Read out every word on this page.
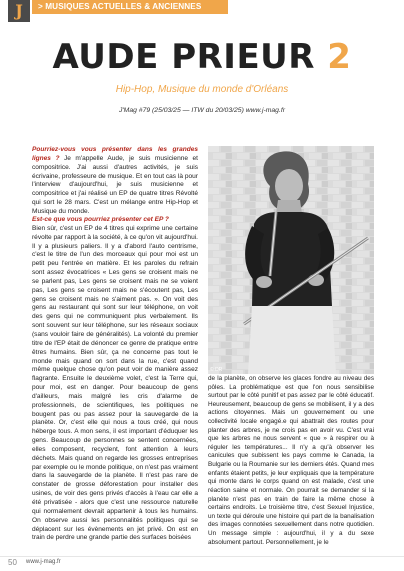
J	> MUSIQUES ACTUELLES & ANCIENNES
AUDE PRIEUR 2
Hip-Hop, Musique du monde d'Orléans
J'Mag #79 (25/03/25 — ITW du 20/03/25) www.j-mag.fr

Pourriez-vous vous présenter dans les grandes lignes ? Je m'appelle Aude, je suis musicienne et compositrice. J'ai aussi d'autres activités, je suis écrivaine, professeure de musique. Et en tout cas là pour l'interview d'aujourd'hui, je suis musicienne et compositrice et j'ai réalisé un EP de quatre titres Révolté qui sort le 28 mars. C'est un mélange entre Hip-Hop et Musique du monde.

Est-ce que vous pourriez présenter cet EP ?

Bien sûr, c'est un EP de 4 titres qui exprime une certaine révolte par rapport à la société, à ce qu'on vit aujourd'hui. Il y a plusieurs paliers. Il y a d'abord l'auto centrisme, c'est le titre de l'un des morceaux qui pour moi est un petit peu l'entrée en matière. Et les paroles du refrain sont assez évocatrices « Les gens se croisent mais ne se parlent pas, Les gens se croisent mais ne se voient pas, Les gens se croisent mais ne s'écoutent pas, Les gens se croisent mais ne s'aiment pas. ». On voit des gens au restaurant qui sont sur leur téléphone, on voit des gens qui ne communiquent plus verbalement. Ils sont souvent sur leur téléphone, sur les réseaux sociaux (sans vouloir faire de généralités). La volonté du premier titre de l'EP était de dénoncer ce genre de pratique entre êtres humains. Bien sûr, ça ne concerne pas tout le monde mais quand on sort dans la rue, c'est quand même quelque chose qu'on peut voir de manière assez flagrante. Ensuite le deuxième volet, c'est la Terre qui, pour moi, est en danger. Pour beaucoup de gens d'ailleurs, mais malgré les cris d'alarme de professionnels, de scientifiques, les politiques ne bougent pas ou pas assez pour la sauvegarde de la planète. Or, c'est elle qui nous a tous créé, qui nous héberge tous. A mon sens, il est important d'éduquer les gens. Beaucoup de personnes se sentent concernées, elles composent, recyclent, font attention à leurs déchets. Mais quand on regarde les grosses entreprises par exemple ou le monde politique, on n'est pas vraiment dans la sauvegarde de la planète. Il n'est pas rare de constater de grosse déforestation pour installer des usines, de voir des gens privés d'accès à l'eau car elle a été privatisée - alors que c'est une ressource naturelle qui normalement devrait appartenir à tous les humains. On observe aussi les personnalités politiques qui se déplacent sur les évènements en jet privé. On est en train de perdre une grande partie des surfaces boisées

© DR

de la planète, on observe les glaces fondre au niveau des pôles. La problématique est que l'on nous sensibilise surtout par le côté punitif et pas assez par le côté éducatif. Heureusement, beaucoup de gens se mobilisent, il y a des actions citoyennes. Mais un gouvernement ou une collectivité locale engagé.e qui abattrait des routes pour planter des arbres, je ne crois pas en avoir vu. C'est vrai que les arbres ne nous servent « que » à respirer ou à réguler les températures... Il n'y a qu'à observer les canicules que subissent les pays comme le Canada, la Bulgarie ou la Roumanie sur les derniers étés. Quand mes enfants étaient petits, je leur expliquais que la température qui monte dans le corps quand on est malade, c'est une réaction saine et normale. On pourrait se demander si la planète n'est pas en train de faire la même chose à certains endroits. Le troisième titre, c'est Sexuel Injustice, un texte qui déroule une histoire qui part de la banalisation des images connotées sexuellement dans notre quotidien. Un message simple : aujourd'hui, il y a du sexe absolument partout. Personnellement, je le

50 www.j-mag.fr
